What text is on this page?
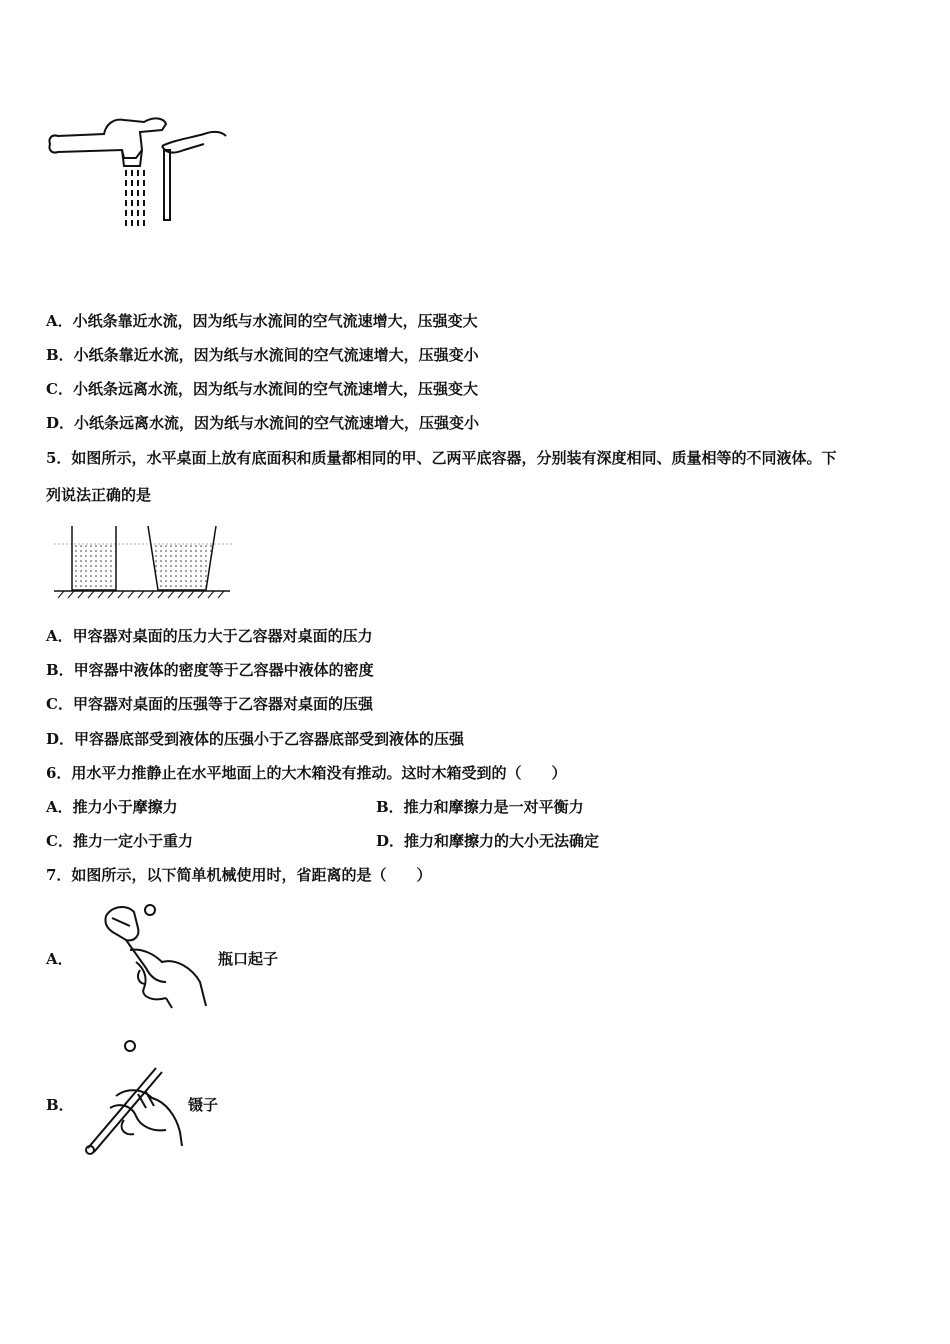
A．小纸条靠近水流，因为纸与水流间的空气流速增大，压强变大
B．小纸条靠近水流，因为纸与水流间的空气流速增大，压强变小
C．小纸条远离水流，因为纸与水流间的空气流速增大，压强变大
D．小纸条远离水流，因为纸与水流间的空气流速增大，压强变小
5．如图所示，水平桌面上放有底面积和质量都相同的甲、乙两平底容器，分别装有深度相同、质量相等的不同液体。下
列说法正确的是
A．甲容器对桌面的压力大于乙容器对桌面的压力
B．甲容器中液体的密度等于乙容器中液体的密度
C．甲容器对桌面的压强等于乙容器对桌面的压强
D．甲容器底部受到液体的压强小于乙容器底部受到液体的压强
6．用水平力推静止在水平地面上的大木箱没有推动。这时木箱受到的（　　）
A．推力小于摩擦力	B．推力和摩擦力是一对平衡力
C．推力一定小于重力	D．推力和摩擦力的大小无法确定
7．如图所示，以下简单机械使用时，省距离的是（　　）
A．	瓶口起子
B．	镊子
